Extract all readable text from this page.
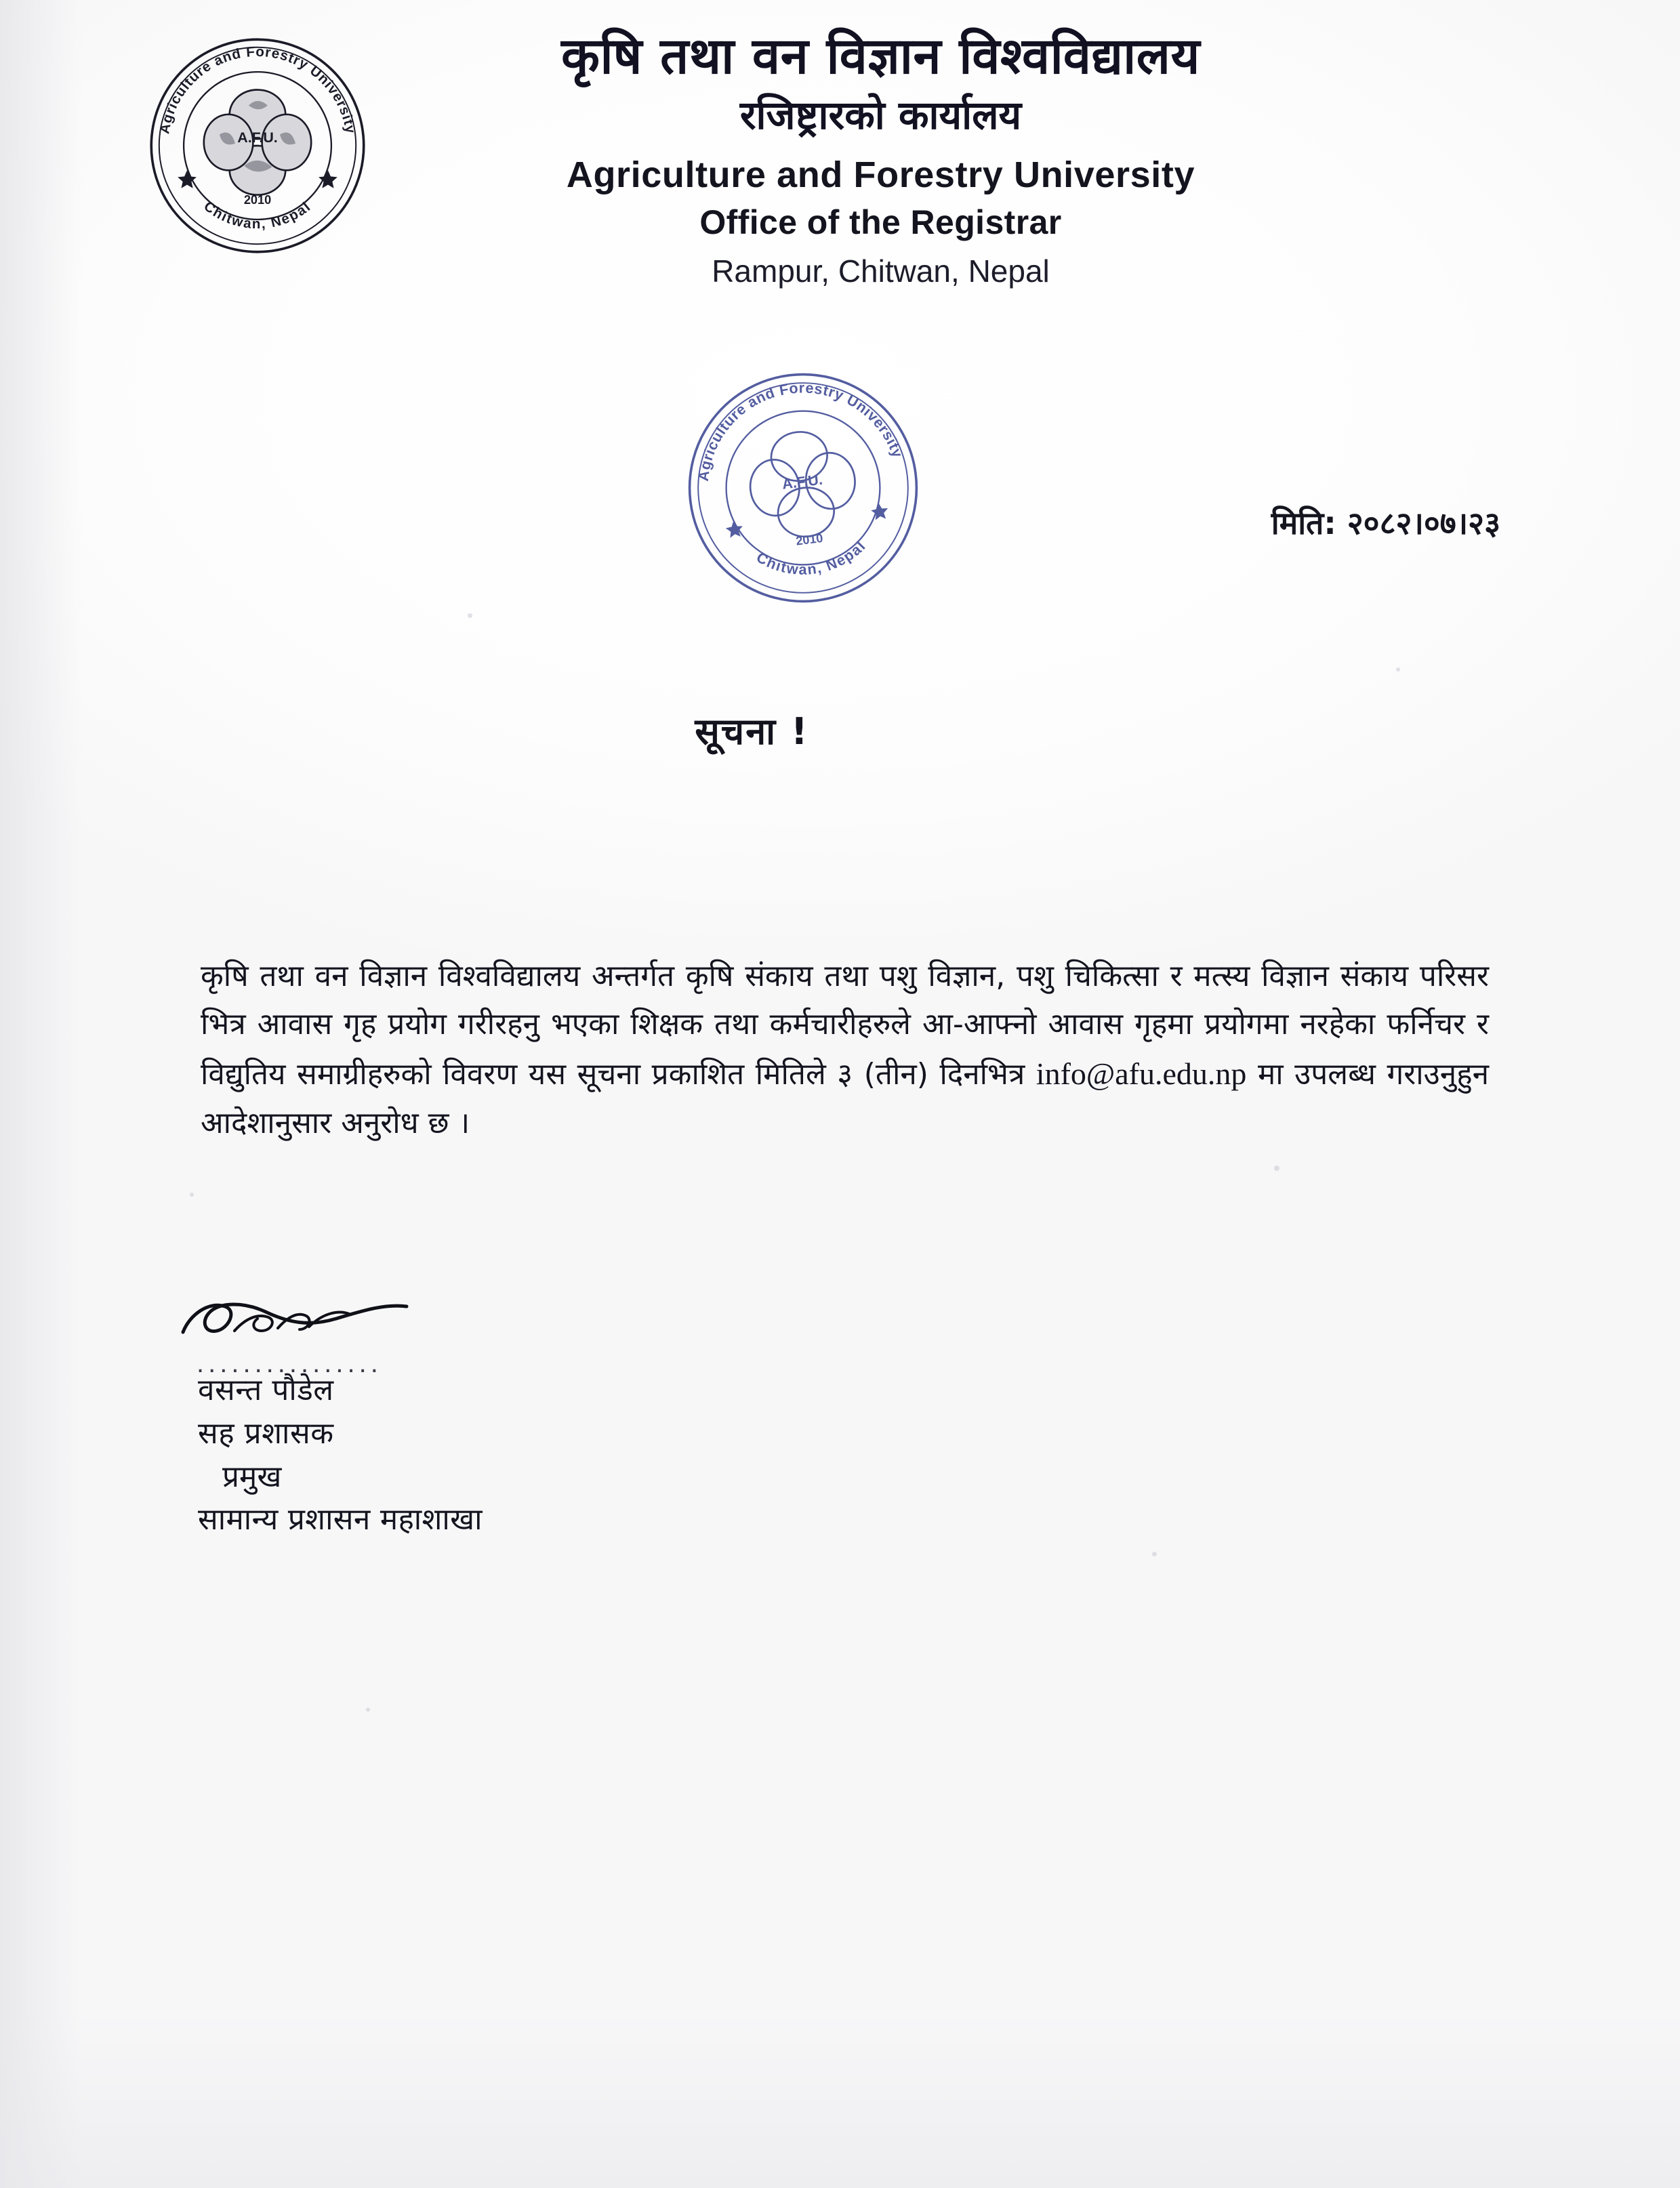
Agriculture and Forestry University
Chitwan, Nepal
A.F.U.
2010
कृषि तथा वन विज्ञान विश्वविद्यालय
रजिष्ट्रारको कार्यालय
Agriculture and Forestry University
Office of the Registrar
Rampur, Chitwan, Nepal
Agriculture and Forestry University
Chitwan, Nepal
A.F.U.
2010	मिति: २०८२।०७।२३
सूचना !
कृषि तथा वन विज्ञान विश्वविद्यालय अन्तर्गत कृषि संकाय तथा पशु विज्ञान, पशु चिकित्सा र मत्स्य विज्ञान संकाय परिसर भित्र आवास गृह प्रयोग गरीरहनु भएका शिक्षक तथा कर्मचारीहरुले आ-आफ्नो आवास गृहमा प्रयोगमा नरहेका फर्निचर र विद्युतिय समाग्रीहरुको विवरण यस सूचना प्रकाशित मितिले ३ (तीन) दिनभित्र info@afu.edu.np मा उपलब्ध गराउनुहुन आदेशानुसार अनुरोध छ ।
................
वसन्त पौडेल
सह प्रशासक
प्रमुख
सामान्य प्रशासन महाशाखा
